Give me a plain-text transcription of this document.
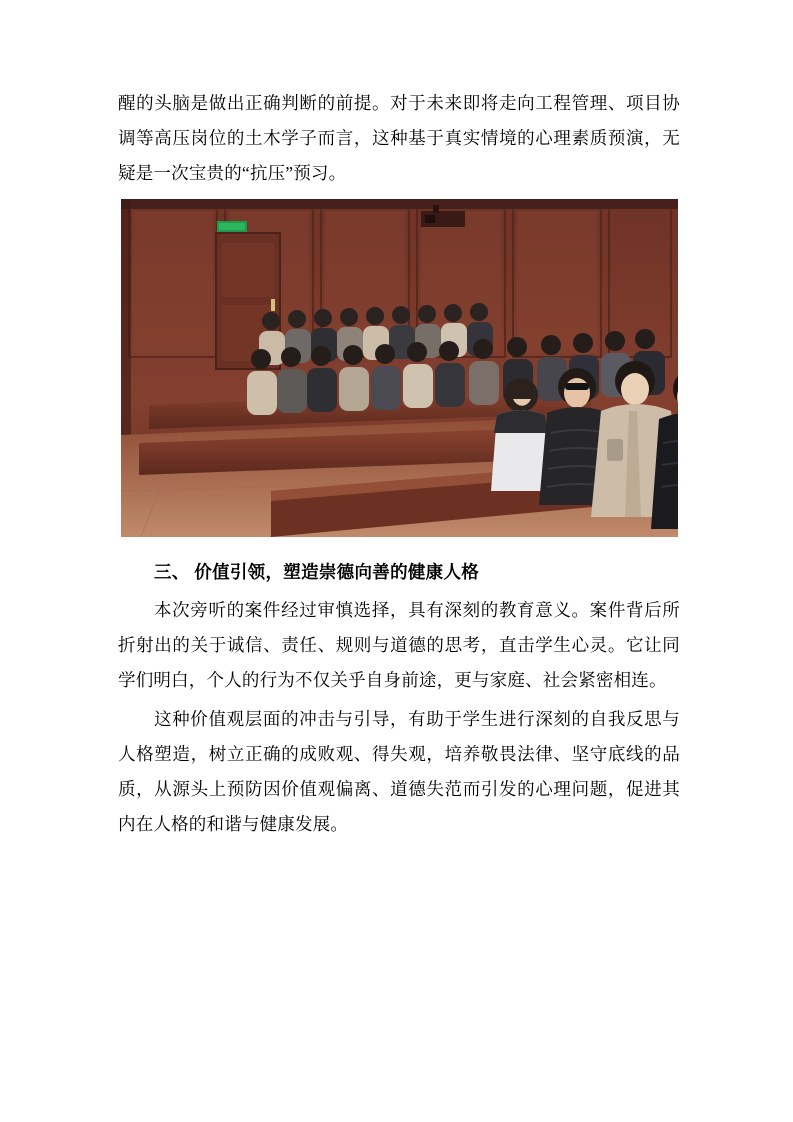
醒的头脑是做出正确判断的前提。对于未来即将走向工程管理、项目协调等高压岗位的土木学子而言，这种基于真实情境的心理素质预演，无疑是一次宝贵的“抗压”预习。

三、 价值引领，塑造崇德向善的健康人格

本次旁听的案件经过审慎选择，具有深刻的教育意义。案件背后所折射出的关于诚信、责任、规则与道德的思考，直击学生心灵。它让同学们明白，个人的行为不仅关乎自身前途，更与家庭、社会紧密相连。

这种价值观层面的冲击与引导，有助于学生进行深刻的自我反思与人格塑造，树立正确的成败观、得失观，培养敬畏法律、坚守底线的品质，从源头上预防因价值观偏离、道德失范而引发的心理问题，促进其内在人格的和谐与健康发展。
